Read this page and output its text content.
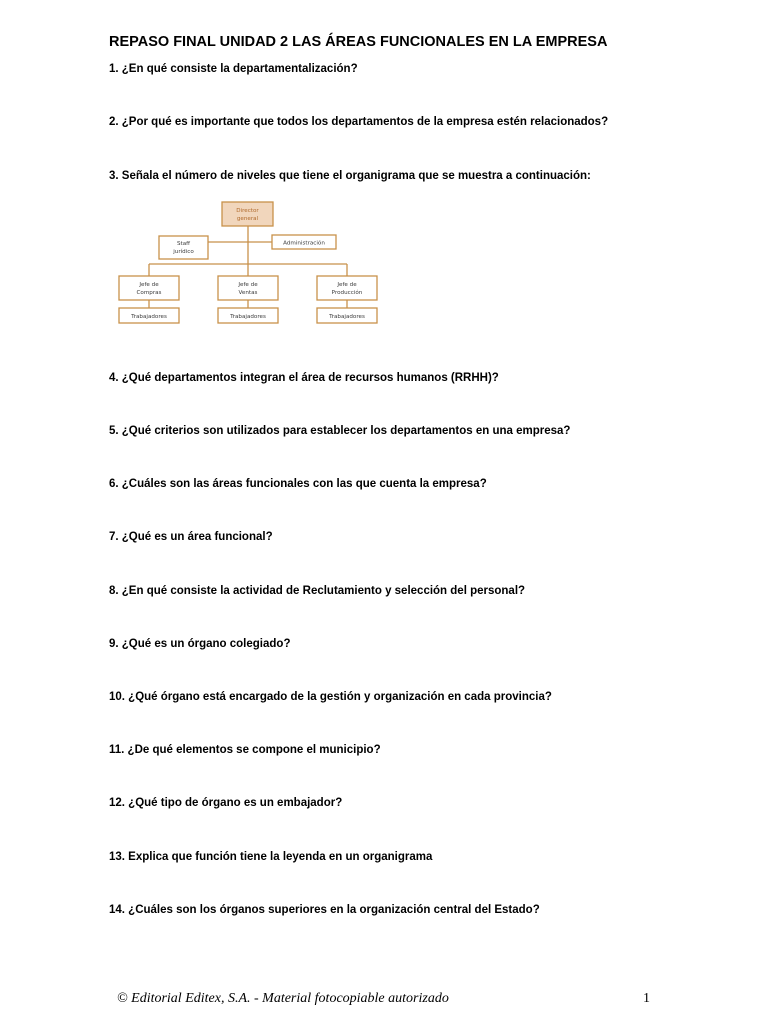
REPASO FINAL UNIDAD 2 LAS ÁREAS FUNCIONALES EN LA EMPRESA
1. ¿En qué consiste la departamentalización?
2. ¿Por qué es importante que todos los departamentos de la empresa estén relacionados?
3. Señala el número de niveles que tiene el organigrama que se muestra a continuación:
Director
general
Staff
jurídico
Administración
Jefe de
Compras
Jefe de
Ventas
Jefe de
Producción
Trabajadores	Trabajadores	Trabajadores
4. ¿Qué departamentos integran el área de recursos humanos (RRHH)?
5. ¿Qué criterios son utilizados para establecer los departamentos en una empresa?
6. ¿Cuáles son las áreas funcionales con las que cuenta la empresa?
7. ¿Qué es un área funcional?
8. ¿En qué consiste la actividad de Reclutamiento y selección del personal?
9. ¿Qué es un órgano colegiado?
10. ¿Qué órgano está encargado de la gestión y organización en cada provincia?
11. ¿De qué elementos se compone el municipio?
12. ¿Qué tipo de órgano es un embajador?
13. Explica que función tiene la leyenda en un organigrama
14. ¿Cuáles son los órganos superiores en la organización central del Estado?
© Editorial Editex, S.A. - Material fotocopiable autorizado	1
